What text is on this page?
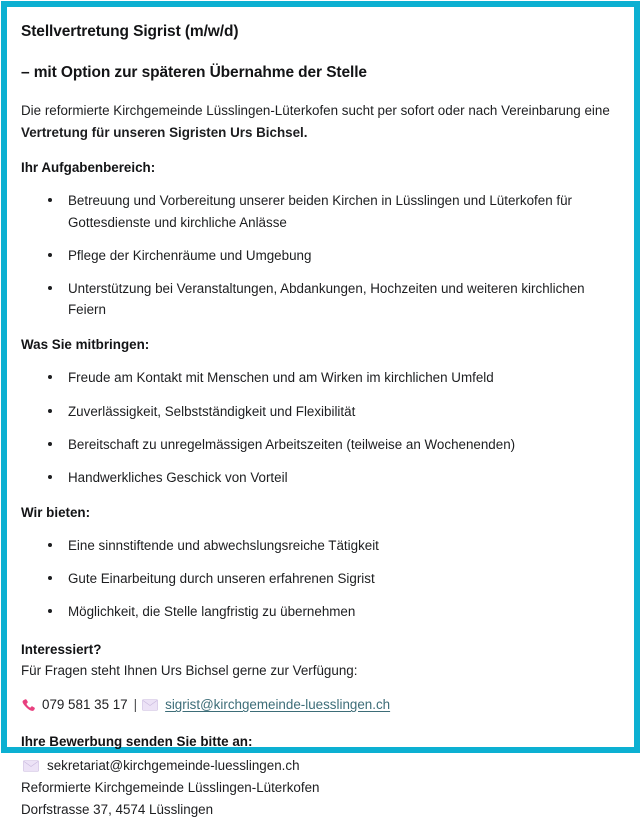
Stellvertretung Sigrist (m/w/d)
– mit Option zur späteren Übernahme der Stelle

Die reformierte Kirchgemeinde Lüsslingen-Lüterkofen sucht per sofort oder nach Vereinbarung eine Vertretung für unseren Sigristen Urs Bichsel.

Ihr Aufgabenbereich:
Betreuung und Vorbereitung unserer beiden Kirchen in Lüsslingen und Lüterkofen für Gottesdienste und kirchliche Anlässe
Pflege der Kirchenräume und Umgebung
Unterstützung bei Veranstaltungen, Abdankungen, Hochzeiten und weiteren kirchlichen Feiern
Was Sie mitbringen:
Freude am Kontakt mit Menschen und am Wirken im kirchlichen Umfeld
Zuverlässigkeit, Selbstständigkeit und Flexibilität
Bereitschaft zu unregelmässigen Arbeitszeiten (teilweise an Wochenenden)
Handwerkliches Geschick von Vorteil
Wir bieten:
Eine sinnstiftende und abwechslungsreiche Tätigkeit
Gute Einarbeitung durch unseren erfahrenen Sigrist
Möglichkeit, die Stelle langfristig zu übernehmen
Interessiert?
Für Fragen steht Ihnen Urs Bichsel gerne zur Verfügung:
079 581 35 17 | sigrist@kirchgemeinde-luesslingen.ch
Ihre Bewerbung senden Sie bitte an:
sekretariat@kirchgemeinde-luesslingen.ch
Reformierte Kirchgemeinde Lüsslingen-Lüterkofen
Dorfstrasse 37, 4574 Lüsslingen
